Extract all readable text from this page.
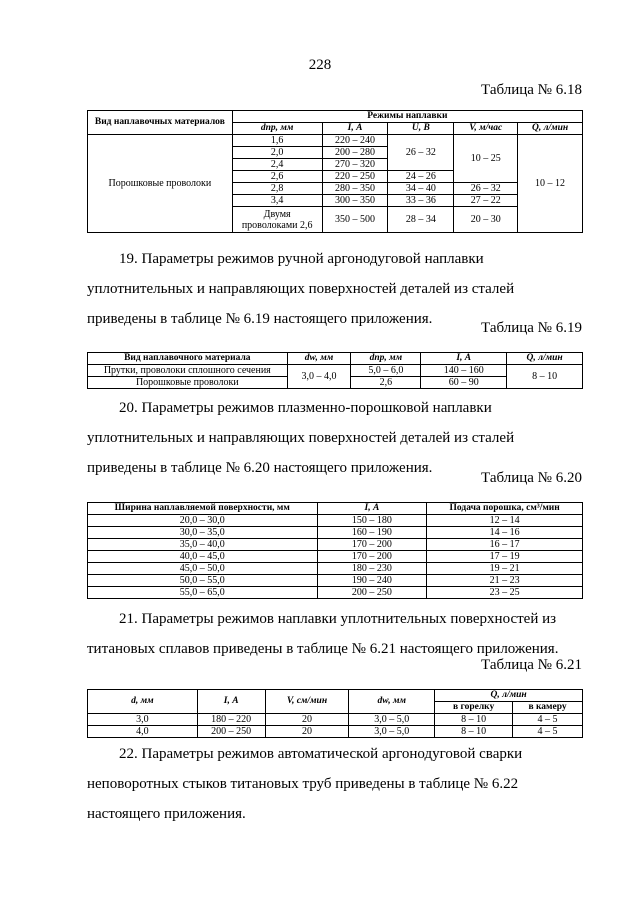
228
Таблица № 6.18
Вид наплавочных материалов	Режимы наплавки				
	dпр, мм	I, А	U, В	V, м/час	Q, л/мин
Порошковые проволоки	1,6	220 – 240	26 – 32	10 – 25	10 – 12
	2,0	200 – 280			
	2,4	270 – 320			
	2,6	220 – 250	24 – 26		
	2,8	280 – 350	34 – 40	26 – 32	
	3,4	300 – 350	33 – 36	27 – 22	
	Двумя проволоками 2,6	350 – 500	28 – 34	20 – 30	

19. Параметры режимов ручной аргонодуговой наплавки уплотнительных и направляющих поверхностей деталей из сталей приведены в таблице № 6.19 настоящего приложения.

Таблица № 6.19
Вид наплавочного материала	dw, мм	dпр, мм	I, А	Q, л/мин
Прутки, проволоки сплошного сечения	3,0 – 4,0	5,0 – 6,0	140 – 160	8 – 10
Порошковые проволоки		2,6	60 – 90	

20. Параметры режимов плазменно-порошковой наплавки уплотнительных и направляющих поверхностей деталей из сталей приведены в таблице № 6.20 настоящего приложения.

Таблица № 6.20
Ширина наплавляемой поверхности, мм	I, А	Подача порошка, см³/мин
20,0 – 30,0	150 – 180	12 – 14
30,0 – 35,0	160 – 190	14 – 16
35,0 – 40,0	170 – 200	16 – 17
40,0 – 45,0	170 – 200	17 – 19
45,0 – 50,0	180 – 230	19 – 21
50,0 – 55,0	190 – 240	21 – 23
55,0 – 65,0	200 – 250	23 – 25

21. Параметры режимов наплавки уплотнительных поверхностей из титановых сплавов приведены в таблице № 6.21 настоящего приложения.

Таблица № 6.21
d, мм	I, А	V, см/мин	dw, мм	Q, л/мин	
				в горелку	в камеру
3,0	180 – 220	20	3,0 – 5,0	8 – 10	4 – 5
4,0	200 – 250	20	3,0 – 5,0	8 – 10	4 – 5

22. Параметры режимов автоматической аргонодуговой сварки неповоротных стыков титановых труб приведены в таблице № 6.22 настоящего приложения.
